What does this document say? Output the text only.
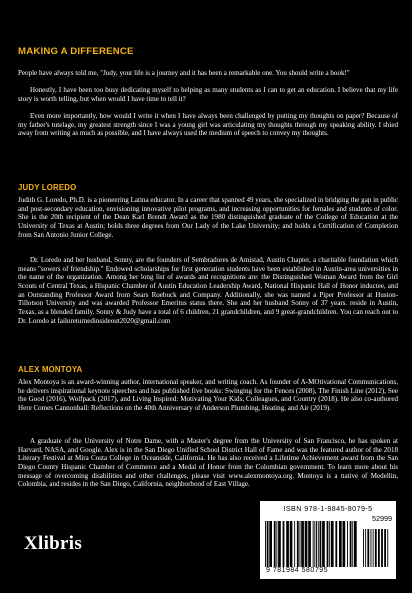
MAKING A DIFFERENCE

People have always told me, "Judy, your life is a journey and it has been a remarkable one. You should write a book!"

Honestly, I have been too busy dedicating myself to helping as many students as I can to get an education. I believe that my life story is worth telling, but when would I have time to tell it?

Even more importantly, how would I write it when I have always been challenged by putting my thoughts on paper? Because of my father's tutelage, my greatest strength since I was a young girl was articulating my thoughts through my speaking ability. I shied away from writing as much as possible, and I have always used the medium of speech to convey my thoughts.

JUDY LOREDO

Judith G. Loredo, Ph.D. is a pioneering Latina educator. In a career that spanned 49 years, she specialized in bridging the gap in public and post-secondary education, envisioning innovative pilot programs, and increasing opportunities for females and students of color. She is the 20th recipient of the Dean Karl Brendt Award as the 1980 distinguished graduate of the College of Education at the University of Texas at Austin; holds three degrees from Our Lady of the Lake University; and holds a Certification of Completion from San Antonio Junior College.

Dr. Loredo and her husband, Sonny, are the founders of Sembradores de Amistad, Austin Chapter, a charitable foundation which means "sowers of friendship." Endowed scholarships for first generation students have been established in Austin-area universities in the name of the organization. Among her long list of awards and recognitions are: the Distinguished Woman Award from the Girl Scouts of Central Texas, a Hispanic Chamber of Austin Education Leadership Award, National Hispanic Hall of Honor inductee, and an Outstanding Professor Award from Sears Roebuck and Company. Additionally, she was named a Piper Professor at Huston-Tillotson University and was awarded Professor Emeritus status there. She and her husband Sonny of 37 years. reside in Austin, Texas, as a blended family. Sonny & Judy have a total of 6 children, 21 grandchildren, and 9 great-grandchildren. You can reach out to Dr. Loredo at failureturnedinsideout2020@gmail.com

ALEX MONTOYA

Alex Montoya is an award-winning author, international speaker, and writing coach. As founder of A-MOtivational Communications, he delivers inspirational keynote speeches and has published five books: Swinging for the Fences (2008), The Finish Line (2012), See the Good (2016), Wolfpack (2017), and Living Inspired: Motivating Your Kids, Colleagues, and Country (2018). He also co-authored Here Comes Cannonball: Reflections on the 40th Anniversary of Anderson Plumbing, Heating, and Air (2019).

A graduate of the University of Notre Dame, with a Master's degree from the University of San Francisco, he has spoken at Harvard, NASA, and Google. Alex is in the San Diego Unified School District Hall of Fame and was the featured author of the 2018 Literary Festival at Mira Costa College in Oceanside, California. He has also received a Lifetime Achievement award from the San Diego County Hispanic Chamber of Commerce and a Medal of Honor from the Colombian government. To learn more about his message of overcoming disabilities and other challenges, please visit www.alexmontoya.org. Montoya is a native of Medellin, Colombia, and resides in the San Diego, California, neighborhood of East Village.

Xlibris
ISBN 978-1-9845-8079-5
52999
9 781984 580795
